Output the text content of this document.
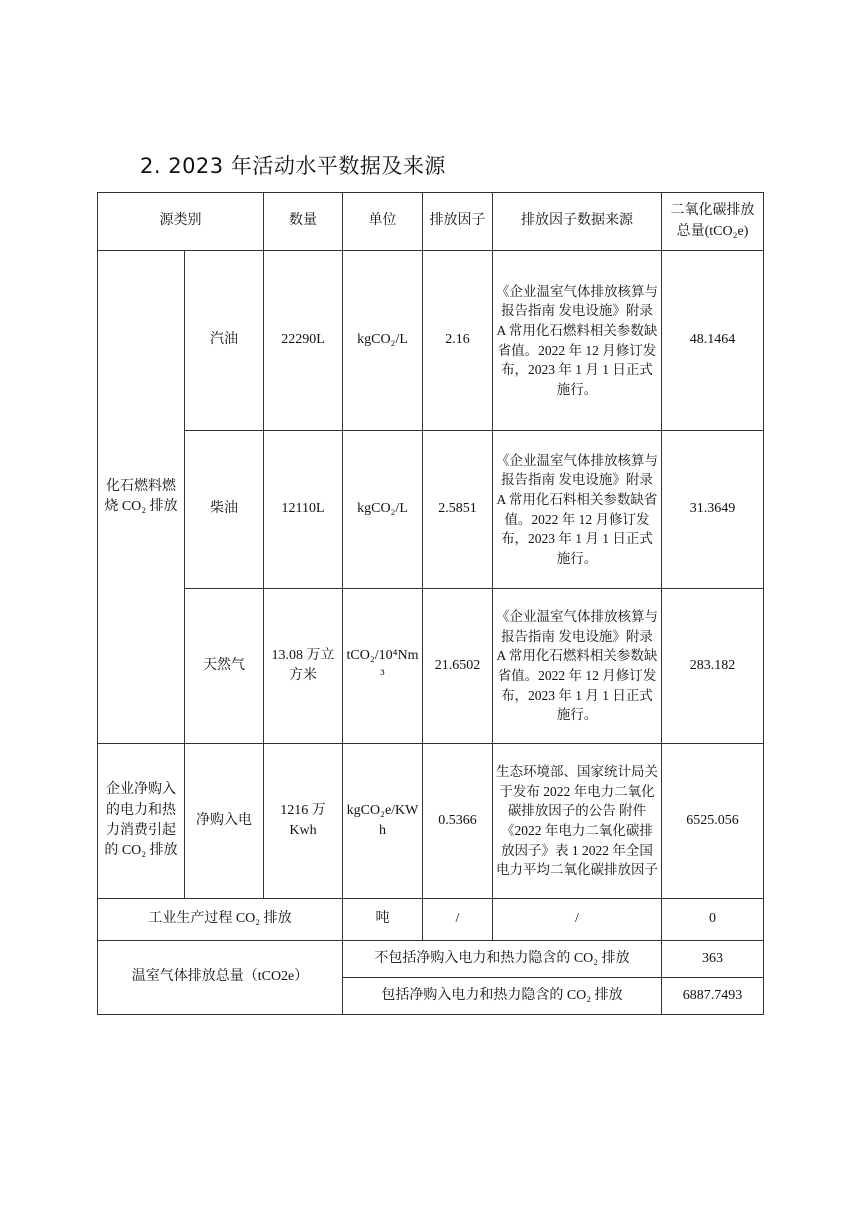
2. 2023 年活动水平数据及来源
源类别		数量	单位	排放因子	排放因子数据来源	二氧化碳排放总量(tCO₂e)
化石燃料燃烧 CO₂ 排放	汽油	22290L	kgCO₂/L	2.16	《企业温室气体排放核算与报告指南 发电设施》附录 A 常用化石燃料相关参数缺省值。2022 年 12 月修订发布，2023 年 1 月 1 日正式施行。	48.1464
	柴油	12110L	kgCO₂/L	2.5851	《企业温室气体排放核算与报告指南 发电设施》附录 A 常用化石料相关参数缺省值。2022 年 12 月修订发布，2023 年 1 月 1 日正式施行。	31.3649
	天然气	13.08 万立方米	tCO₂/10⁴Nm³	21.6502	《企业温室气体排放核算与报告指南 发电设施》附录 A 常用化石燃料相关参数缺省值。2022 年 12 月修订发布，2023 年 1 月 1 日正式施行。	283.182
企业净购入的电力和热力消费引起的 CO₂ 排放	净购入电	1216 万 Kwh	kgCO₂e/KWh	0.5366	生态环境部、国家统计局关于发布 2022 年电力二氧化碳排放因子的公告 附件《2022 年电力二氧化碳排放因子》表 1 2022 年全国电力平均二氧化碳排放因子	6525.056
工业生产过程 CO₂ 排放			吨	/	/	0
温室气体排放总量（tCO2e）			不包括净购入电力和热力隐含的 CO₂ 排放			363
			包括净购入电力和热力隐含的 CO₂ 排放			6887.7493
